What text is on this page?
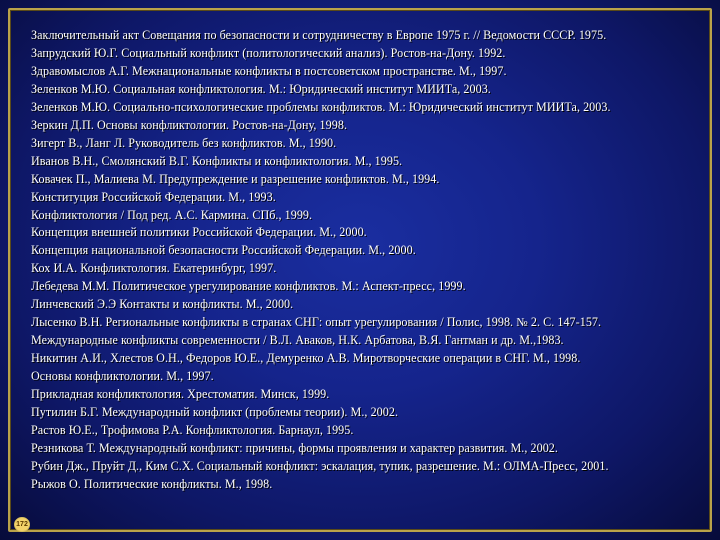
Заключительный акт Совещания по безопасности и сотрудничеству в Европе 1975 г. // Ведомости СССР. 1975.
Запрудский Ю.Г. Социальный конфликт (политологический анализ). Ростов-на-Дону. 1992.
Здравомыслов А.Г. Межнациональные конфликты в постсоветском пространстве. М., 1997.
Зеленков М.Ю. Социальная конфликтология. М.: Юридический институт МИИТа, 2003.
Зеленков М.Ю. Социально-психологические проблемы конфликтов. М.: Юридический институт МИИТа, 2003.
Зеркин Д.П. Основы конфликтологии. Ростов-на-Дону, 1998.
Зигерт В., Ланг Л. Руководитель без конфликтов. М., 1990.
Иванов В.Н., Смолянский В.Г. Конфликты и конфликтология. М., 1995.
Ковачек П., Малиева М. Предупреждение и разрешение конфликтов. М., 1994.
Конституция Российской Федерации. М., 1993.
Конфликтология / Под ред. А.С. Кармина. СПб., 1999.
Концепция внешней политики Российской Федерации. М., 2000.
Концепция национальной безопасности Российской Федерации. М., 2000.
Кох И.А. Конфликтология. Екатеринбург, 1997.
Лебедева М.М. Политическое урегулирование конфликтов. М.: Аспект-пресс, 1999.
Линчевский Э.Э Контакты и конфликты. М., 2000.
Лысенко В.Н. Региональные конфликты в странах СНГ: опыт урегулирования / Полис, 1998. № 2. С. 147-157.
Международные конфликты современности / В.Л. Аваков, Н.К. Арбатова, В.Я. Гантман и др. М.,1983.
Никитин А.И., Хлестов О.Н., Федоров Ю.Е., Демуренко А.В. Миротворческие операции в СНГ. М., 1998.
Основы конфликтологии. М., 1997.
Прикладная конфликтология. Хрестоматия. Минск, 1999.
Путилин Б.Г. Международный конфликт (проблемы теории). М., 2002.
Растов Ю.Е., Трофимова Р.А. Конфликтология. Барнаул, 1995.
Резникова Т. Международный конфликт: причины, формы проявления и характер развития. М., 2002.
Рубин Дж., Пруйт Д., Ким С.Х. Социальный конфликт: эскалация, тупик, разрешение. М.: ОЛМА-Пресс, 2001.
Рыжов О. Политические конфликты. М., 1998.
172
